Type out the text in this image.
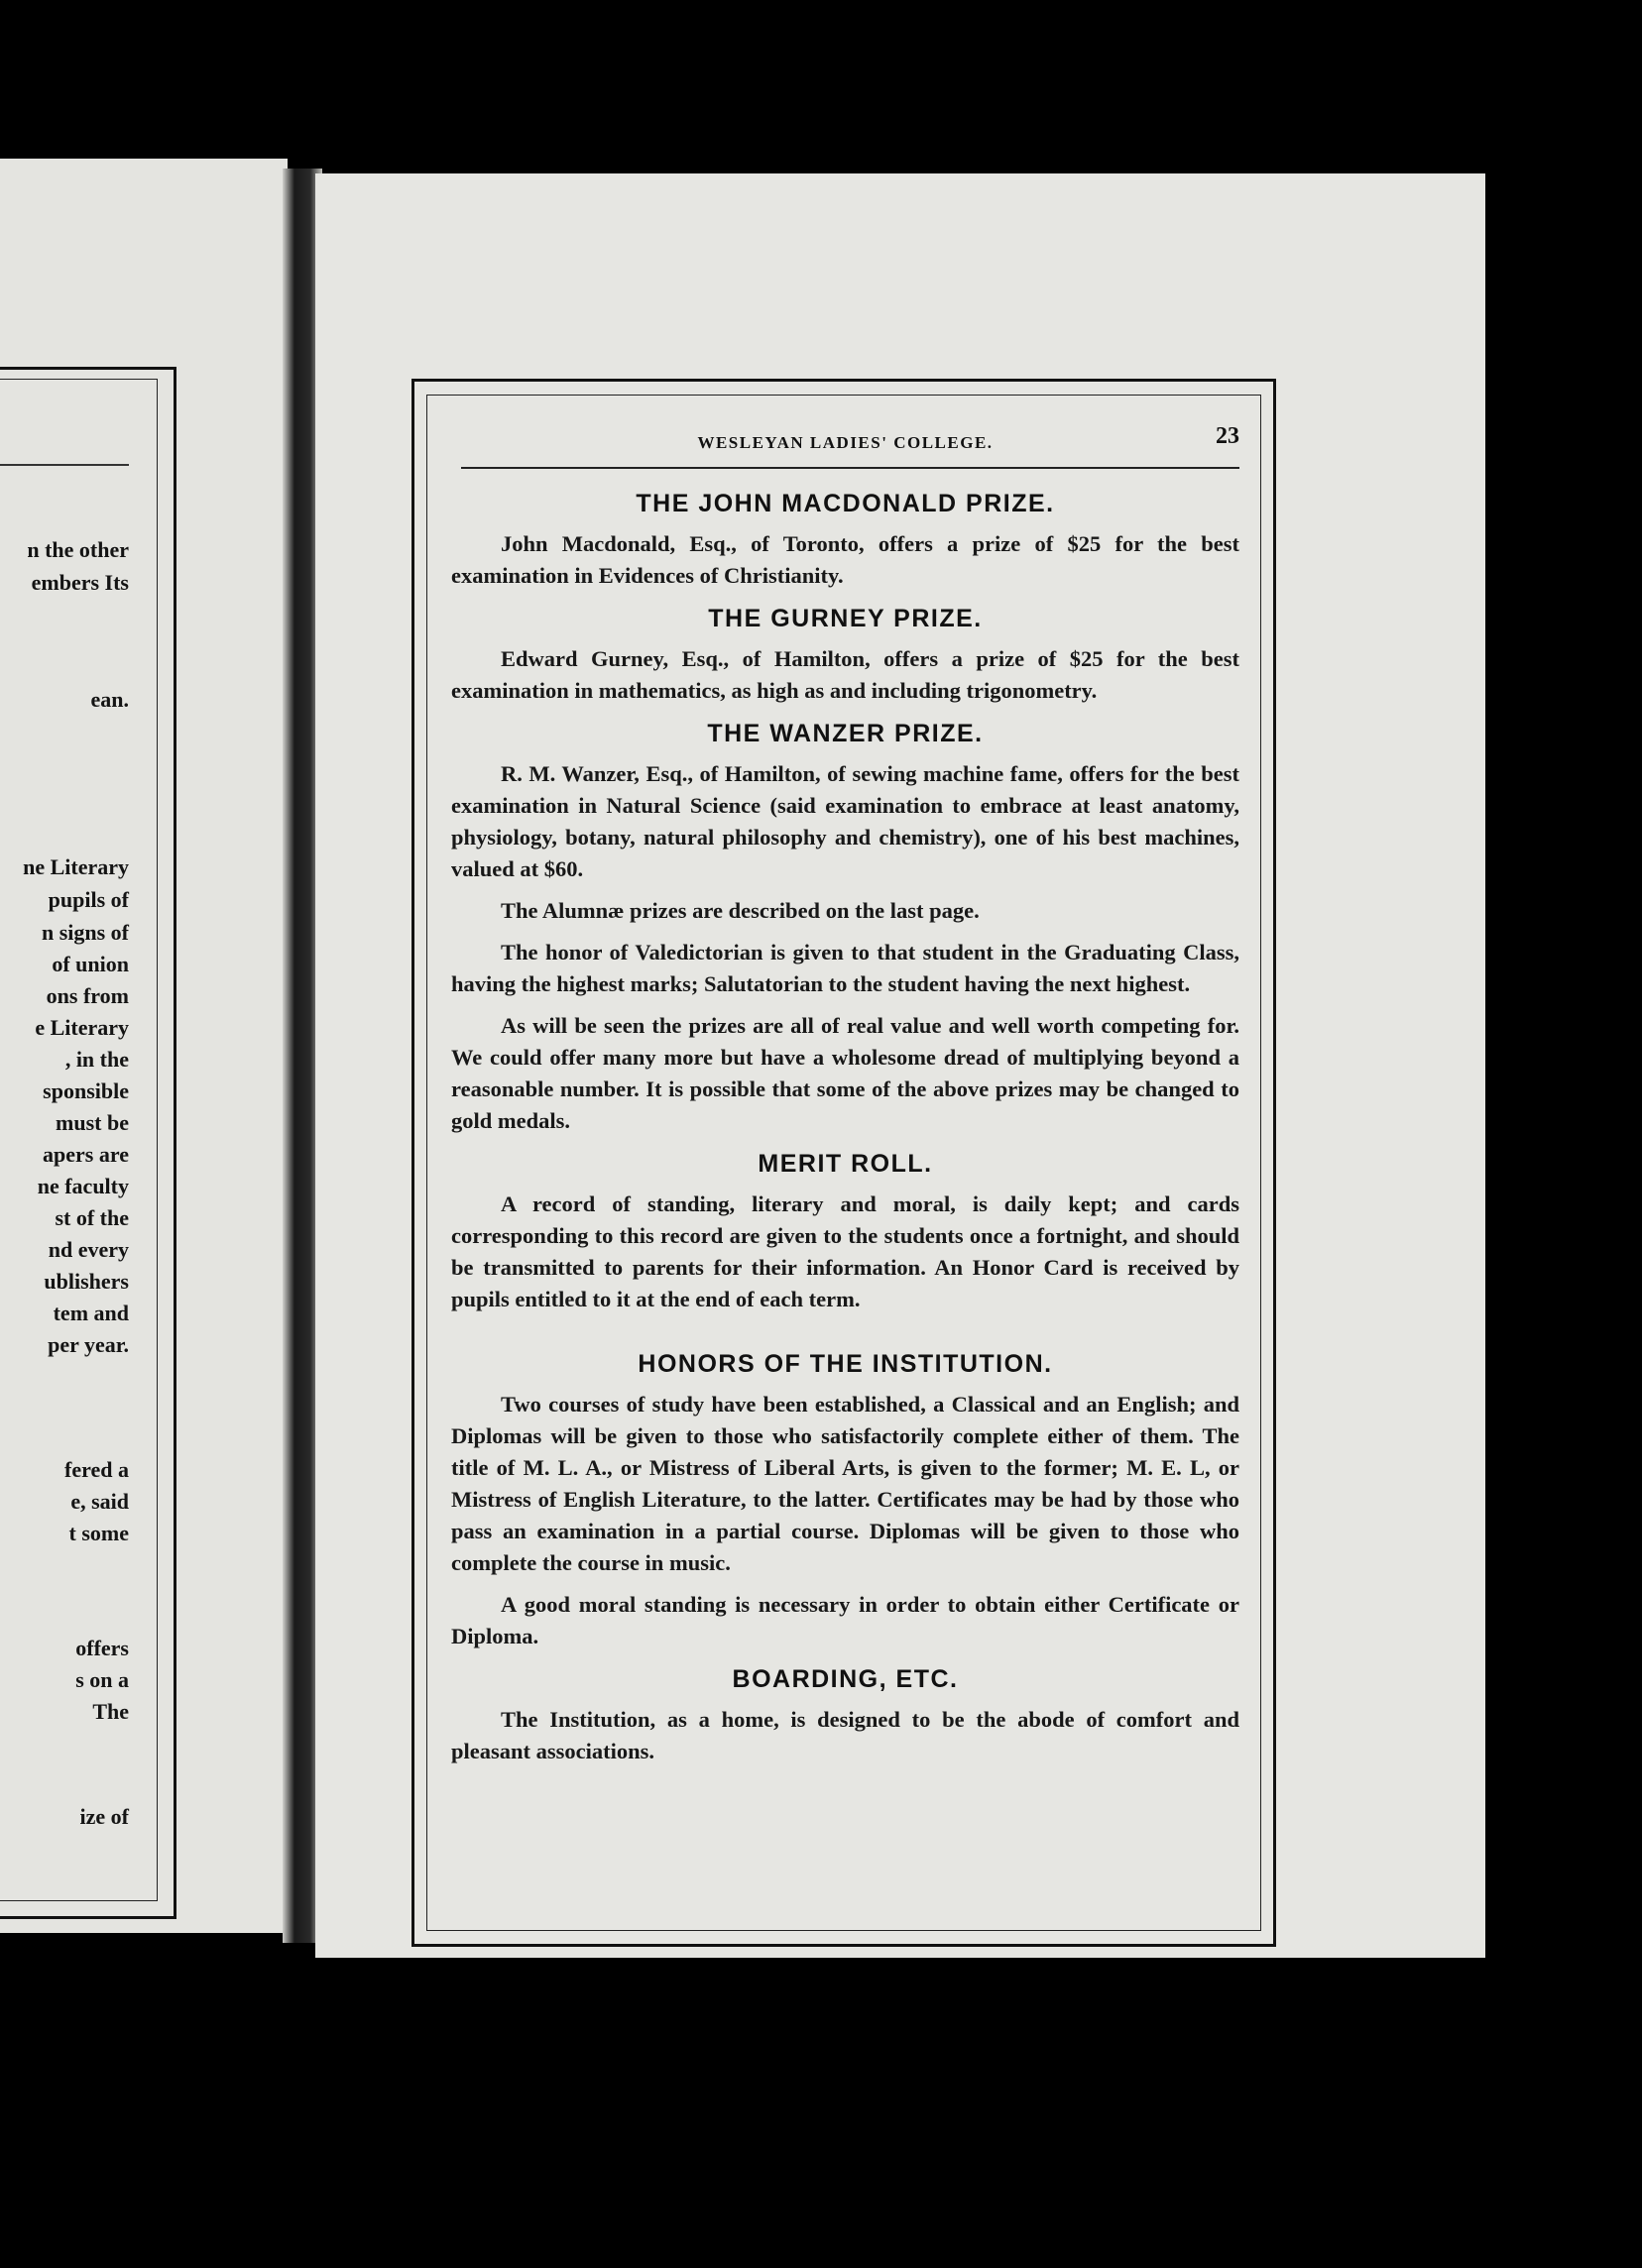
n the other
embers Its
ean.
ne Literary
pupils of
n signs of
of union
ons from
e Literary
, in the
sponsible
must be
apers are
ne faculty
st of the
nd every
ublishers
tem and
per year.
fered a
e, said
t some
offers
s on a
The
ize of
WESLEYAN LADIES' COLLEGE.	23
THE JOHN MACDONALD PRIZE.

John Macdonald, Esq., of Toronto, offers a prize of $25 for the best examination in Evidences of Christianity.

THE GURNEY PRIZE.

Edward Gurney, Esq., of Hamilton, offers a prize of $25 for the best examination in mathematics, as high as and including trigonometry.

THE WANZER PRIZE.

R. M. Wanzer, Esq., of Hamilton, of sewing machine fame, offers for the best examination in Natural Science (said examination to embrace at least anatomy, physiology, botany, natural philosophy and chemistry), one of his best machines, valued at $60.

The Alumnæ prizes are described on the last page.

The honor of Valedictorian is given to that student in the Graduating Class, having the highest marks; Salutatorian to the student having the next highest.

As will be seen the prizes are all of real value and well worth competing for. We could offer many more but have a wholesome dread of multiplying beyond a reasonable number. It is possible that some of the above prizes may be changed to gold medals.

MERIT ROLL.

A record of standing, literary and moral, is daily kept; and cards corresponding to this record are given to the students once a fortnight, and should be transmitted to parents for their information. An Honor Card is received by pupils entitled to it at the end of each term.

HONORS OF THE INSTITUTION.

Two courses of study have been established, a Classical and an English; and Diplomas will be given to those who satisfactorily complete either of them. The title of M. L. A., or Mistress of Liberal Arts, is given to the former; M. E. L, or Mistress of English Literature, to the latter. Certificates may be had by those who pass an examination in a partial course. Diplomas will be given to those who complete the course in music.

A good moral standing is necessary in order to obtain either Certificate or Diploma.

BOARDING, ETC.

The Institution, as a home, is designed to be the abode of comfort and pleasant associations.
